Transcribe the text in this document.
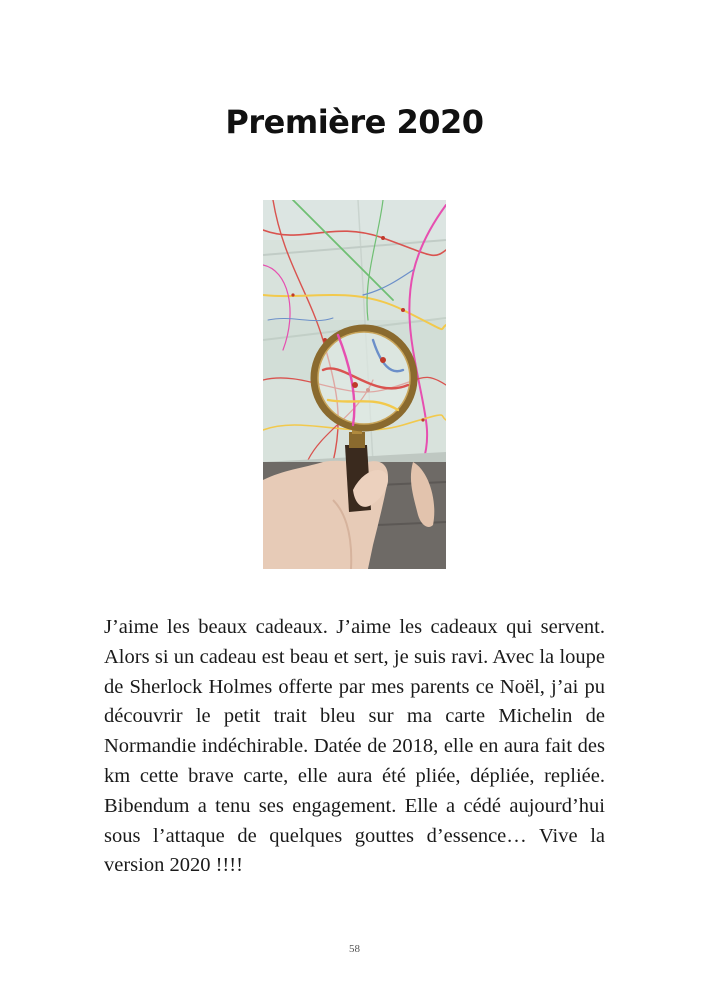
Première 2020

J’aime les beaux cadeaux. J’aime les cadeaux qui servent. Alors si un cadeau est beau et sert, je suis ravi. Avec la loupe de Sherlock Holmes offerte par mes parents ce Noël, j’ai pu découvrir le petit trait bleu sur ma carte Michelin de Normandie indéchirable. Datée de 2018, elle en aura fait des km cette brave carte, elle aura été pliée, dépliée, repliée. Bibendum a tenu ses engagement. Elle a cédé aujourd’hui sous l’attaque de quelques gouttes d’essence… Vive la version 2020 !!!!

58
